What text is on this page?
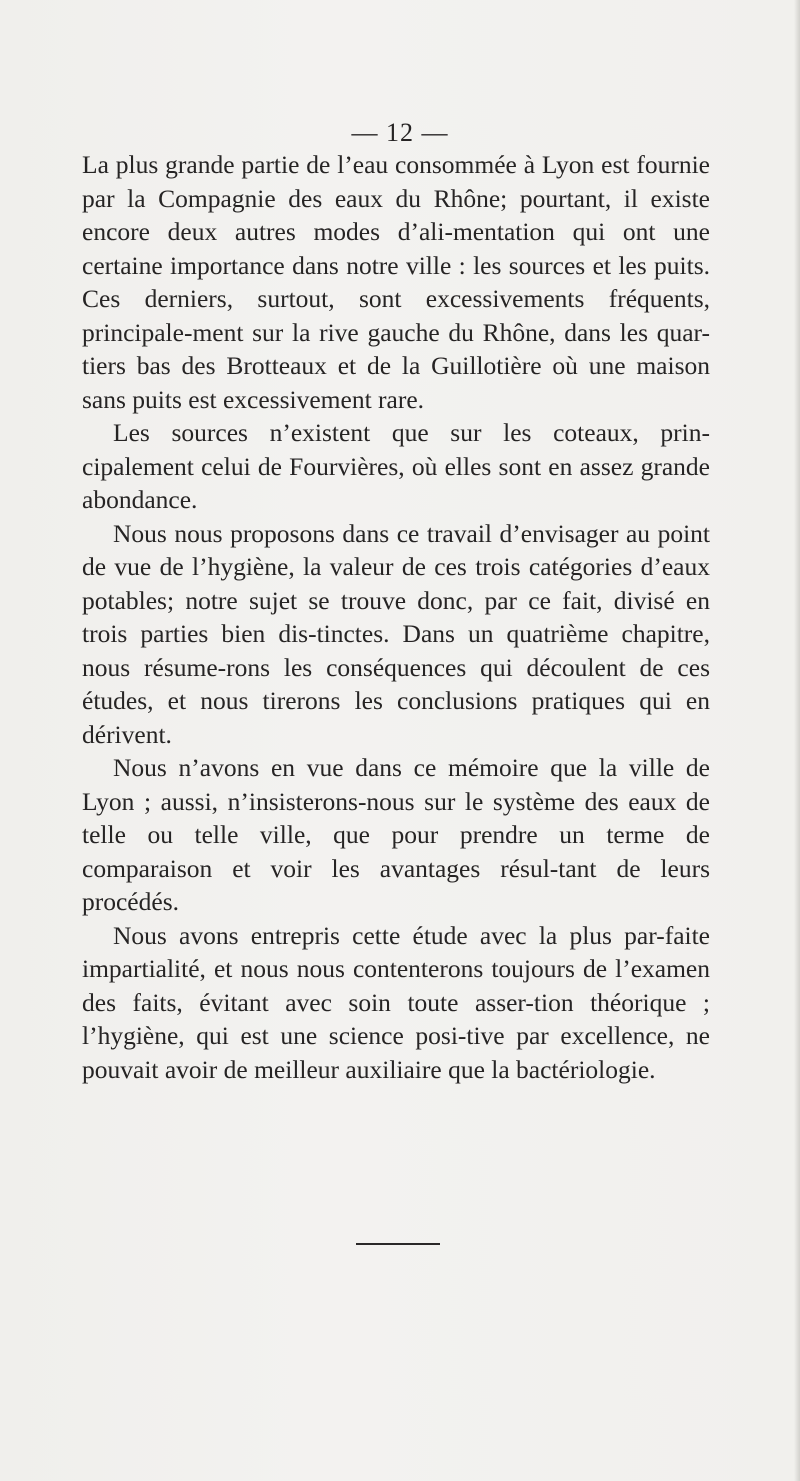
— 12 —

La plus grande partie de l’eau consommée à Lyon est fournie par la Compagnie des eaux du Rhône; pourtant, il existe encore deux autres modes d’ali-mentation qui ont une certaine importance dans notre ville : les sources et les puits. Ces derniers, surtout, sont excessivements fréquents, principale-ment sur la rive gauche du Rhône, dans les quar-tiers bas des Brotteaux et de la Guillotière où une maison sans puits est excessivement rare.

Les sources n’existent que sur les coteaux, prin-cipalement celui de Fourvières, où elles sont en assez grande abondance.

Nous nous proposons dans ce travail d’envisager au point de vue de l’hygiène, la valeur de ces trois catégories d’eaux potables; notre sujet se trouve donc, par ce fait, divisé en trois parties bien dis-tinctes. Dans un quatrième chapitre, nous résume-rons les conséquences qui découlent de ces études, et nous tirerons les conclusions pratiques qui en dérivent.

Nous n’avons en vue dans ce mémoire que la ville de Lyon ; aussi, n’insisterons-nous sur le système des eaux de telle ou telle ville, que pour prendre un terme de comparaison et voir les avantages résul-tant de leurs procédés.

Nous avons entrepris cette étude avec la plus par-faite impartialité, et nous nous contenterons toujours de l’examen des faits, évitant avec soin toute asser-tion théorique ; l’hygiène, qui est une science posi-tive par excellence, ne pouvait avoir de meilleur auxiliaire que la bactériologie.
